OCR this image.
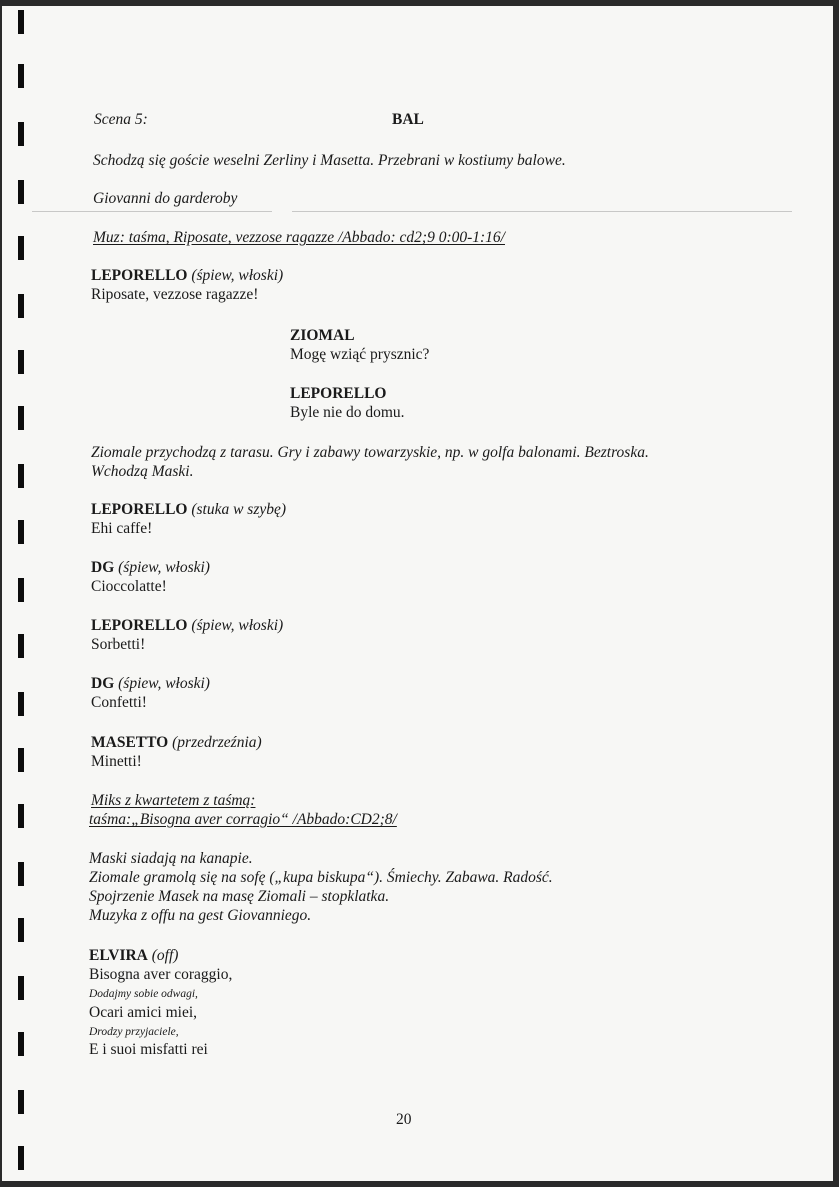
Scena 5:	BAL
Schodzą się goście weselni Zerliny i Masetta. Przebrani w kostiumy balowe.
Giovanni do garderoby
Muz: taśma, Riposate, vezzose ragazze /Abbado: cd2;9 0:00-1:16/
LEPORELLO (śpiew, włoski)
Riposate, vezzose ragazze!
ZIOMAL
Mogę wziąć prysznic?
LEPORELLO
Byle nie do domu.
Ziomale przychodzą z tarasu. Gry i zabawy towarzyskie, np. w golfa balonami. Beztroska.
Wchodzą Maski.
LEPORELLO (stuka w szybę)
Ehi caffe!
DG (śpiew, włoski)
Cioccolatte!
LEPORELLO (śpiew, włoski)
Sorbetti!
DG (śpiew, włoski)
Confetti!
MASETTO (przedrzeźnia)
Minetti!
Miks z kwartetem z taśmą:
taśma:„Bisogna aver corragio“ /Abbado:CD2;8/
Maski siadają na kanapie.
Ziomale gramolą się na sofę („kupa biskupa“). Śmiechy. Zabawa. Radość.
Spojrzenie Masek na masę Ziomali – stopklatka.
Muzyka z offu na gest Giovanniego.
ELVIRA (off)
Bisogna aver coraggio,
Dodajmy sobie odwagi,
Ocari amici miei,
Drodzy przyjaciele,
E i suoi misfatti rei
20
